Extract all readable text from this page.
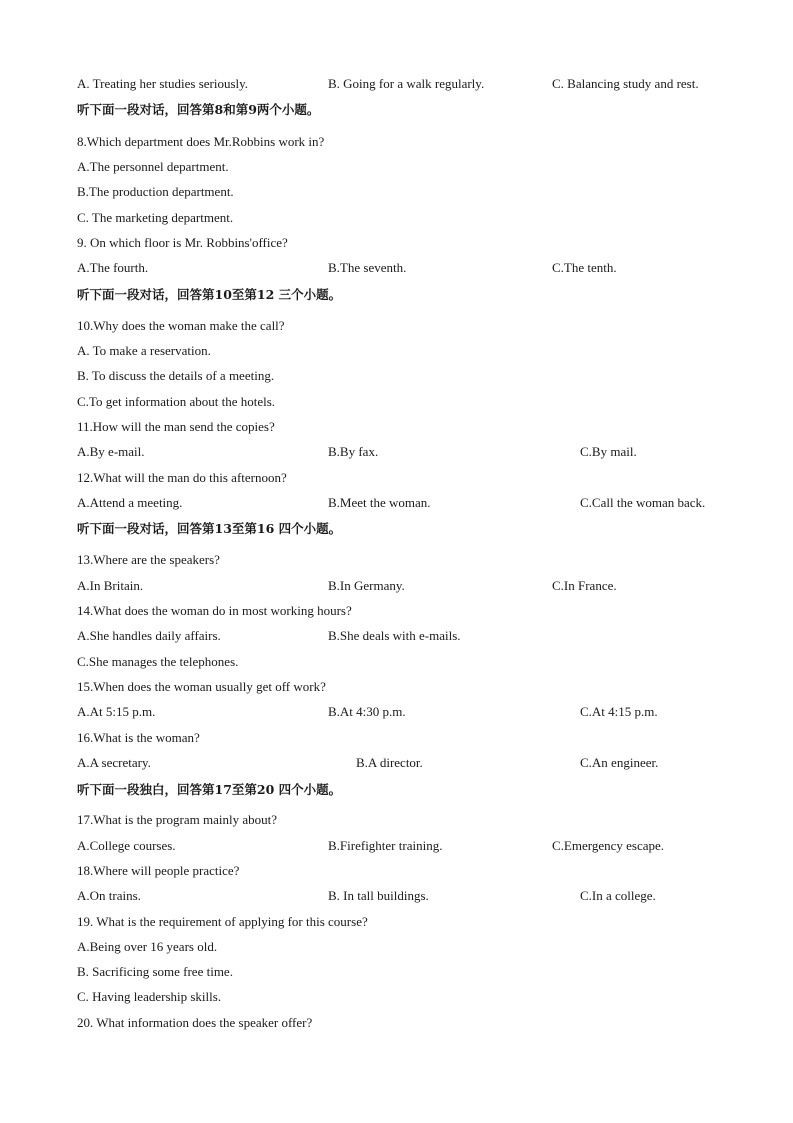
A. Treating her studies seriously.	B. Going for a walk regularly.	C. Balancing study and rest.
听下面一段对话，回答第8和第9两个小题。
8.Which department does Mr.Robbins work in?
A.The personnel department.
B.The production department.
C. The marketing department.
9. On which floor is Mr. Robbins'office?
A.The fourth.	B.The seventh.	C.The tenth.
听下面一段对话，回答第10至第12 三个小题。
10.Why does the woman make the call?
A. To make a reservation.
B. To discuss the details of a meeting.
C.To get information about the hotels.
11.How will the man send the copies?
A.By e-mail.	B.By fax.	C.By mail.
12.What will the man do this afternoon?
A.Attend a meeting.	B.Meet the woman.	C.Call the woman back.
听下面一段对话，回答第13至第16 四个小题。
13.Where are the speakers?
A.In Britain.	B.In Germany.	C.In France.
14.What does the woman do in most working hours?
A.She handles daily affairs.	B.She deals with e-mails.
C.She manages the telephones.
15.When does the woman usually get off work?
A.At 5:15 p.m.	B.At 4:30 p.m.	C.At 4:15 p.m.
16.What is the woman?
A.A secretary.	B.A director.	C.An engineer.
听下面一段独白，回答第17至第20 四个小题。
17.What is the program mainly about?
A.College courses.	B.Firefighter training.	C.Emergency escape.
18.Where will people practice?
A.On trains.	B. In tall buildings.	C.In a college.
19. What is the requirement of applying for this course?
A.Being over 16 years old.
B. Sacrificing some free time.
C. Having leadership skills.
20. What information does the speaker offer?
